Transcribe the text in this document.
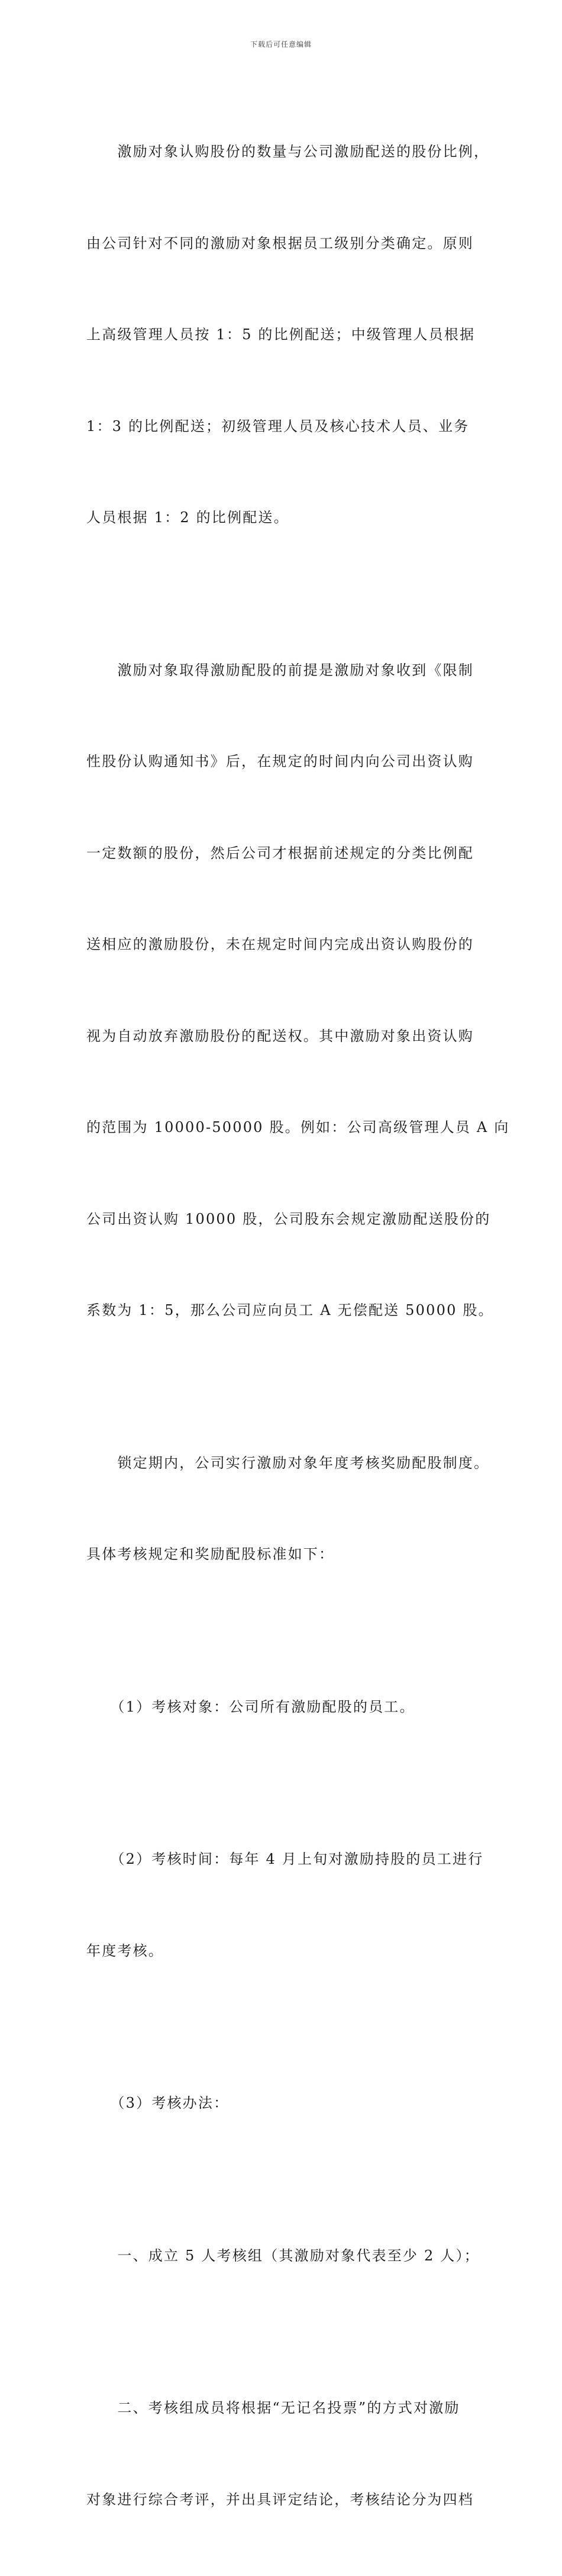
下载后可任意编辑

　　激励对象认购股份的数量与公司激励配送的股份比例，

由公司针对不同的激励对象根据员工级别分类确定。原则

上高级管理人员按 1：5 的比例配送；中级管理人员根据

1：3 的比例配送；初级管理人员及核心技术人员、业务

人员根据 1：2 的比例配送。

　　激励对象取得激励配股的前提是激励对象收到《限制

性股份认购通知书》后，在规定的时间内向公司出资认购

一定数额的股份，然后公司才根据前述规定的分类比例配

送相应的激励股份，未在规定时间内完成出资认购股份的

视为自动放弃激励股份的配送权。其中激励对象出资认购

的范围为 10000-50000 股。例如：公司高级管理人员 A 向

公司出资认购 10000 股，公司股东会规定激励配送股份的

系数为 1：5，那么公司应向员工 A 无偿配送 50000 股。

　　锁定期内，公司实行激励对象年度考核奖励配股制度。

具体考核规定和奖励配股标准如下：

　　（1）考核对象：公司所有激励配股的员工。

　　（2）考核时间：每年 4 月上旬对激励持股的员工进行

年度考核。

　　（3）考核办法：

　　一、成立 5 人考核组（其激励对象代表至少 2 人）；

　　二、考核组成员将根据“无记名投票”的方式对激励

对象进行综合考评，并出具评定结论，考核结论分为四档
